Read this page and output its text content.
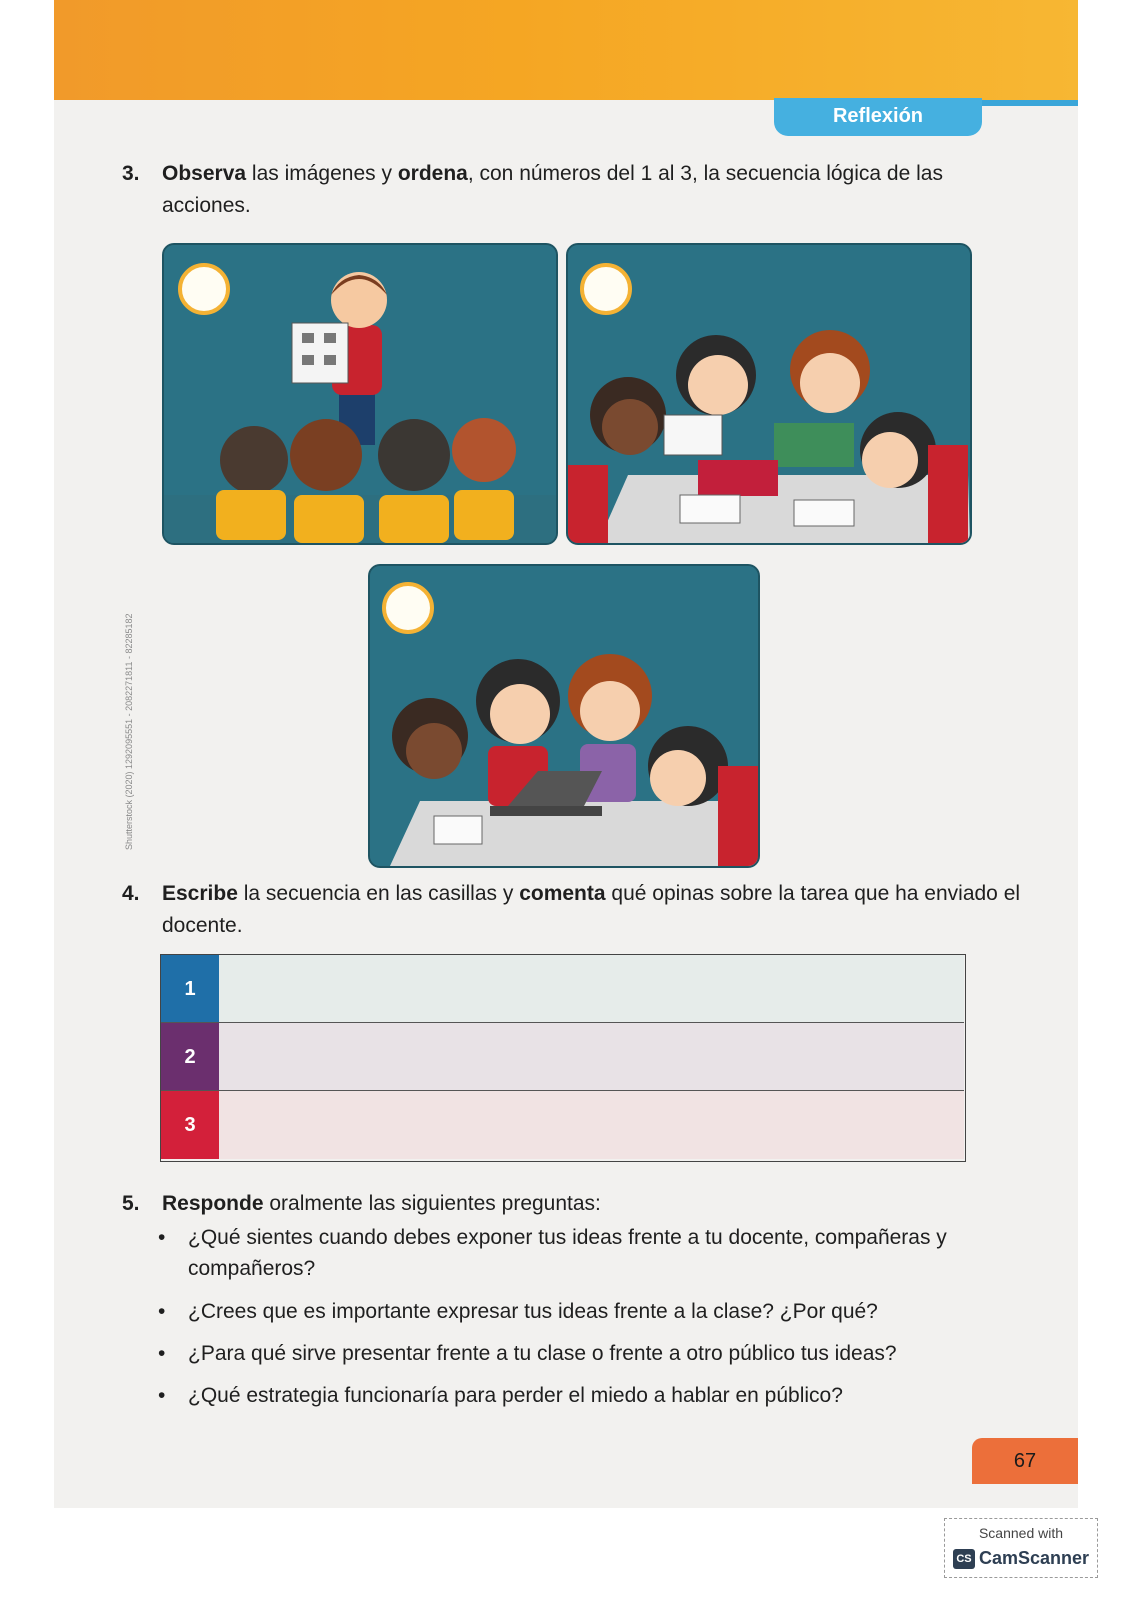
Reflexión
3. Observa las imágenes y ordena, con números del 1 al 3, la secuencia lógica de las acciones.
Shutterstock (2020) 1292095551 - 2082271811 - 82285182
4. Escribe la secuencia en las casillas y comenta qué opinas sobre la tarea que ha enviado el
docente.
1
2
3
5. Responde oralmente las siguientes preguntas:
• ¿Qué sientes cuando debes exponer tus ideas frente a tu docente, compañeras y
compañeros?
• ¿Crees que es importante expresar tus ideas frente a la clase? ¿Por qué?
• ¿Para qué sirve presentar frente a tu clase o frente a otro público tus ideas?
• ¿Qué estrategia funcionaría para perder el miedo a hablar en público?
67
Scanned with
CS CamScanner
